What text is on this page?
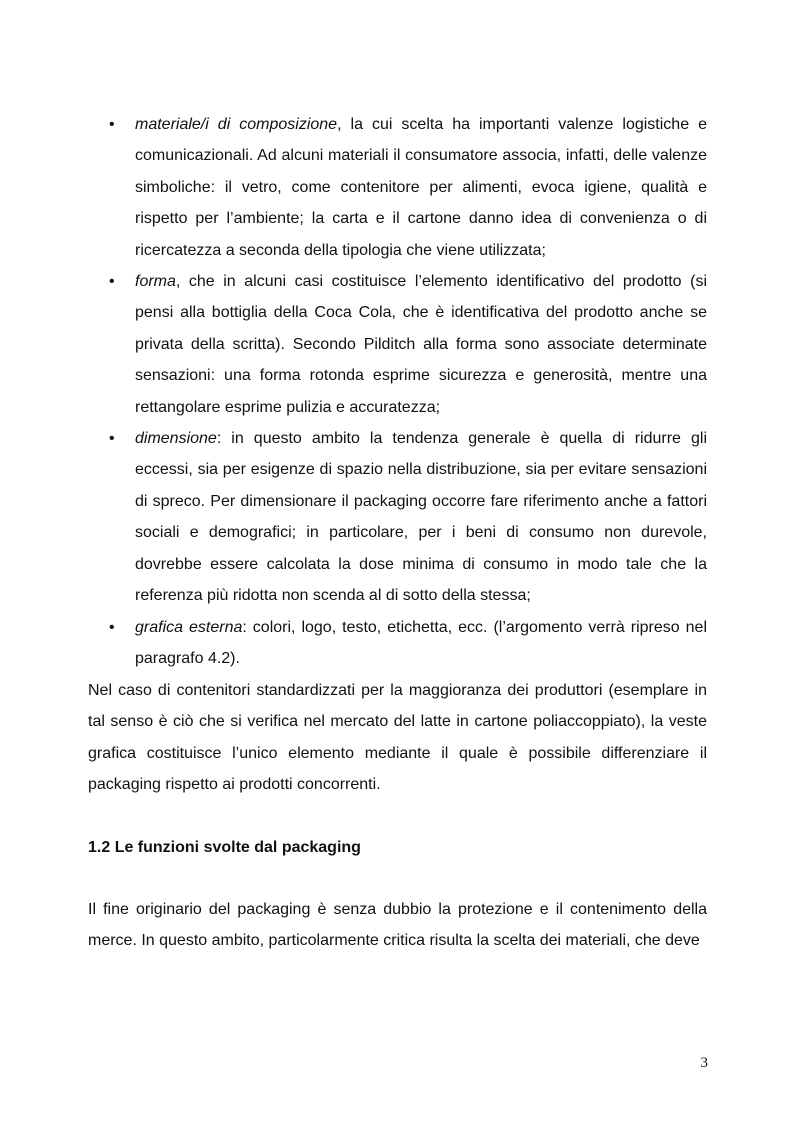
• materiale/i di composizione, la cui scelta ha importanti valenze logistiche e comunicazionali. Ad alcuni materiali il consumatore associa, infatti, delle valenze simboliche: il vetro, come contenitore per alimenti, evoca igiene, qualità e rispetto per l’ambiente; la carta e il cartone danno idea di convenienza o di ricercatezza a seconda della tipologia che viene utilizzata;
• forma, che in alcuni casi costituisce l’elemento identificativo del prodotto (si pensi alla bottiglia della Coca Cola, che è identificativa del prodotto anche se privata della scritta). Secondo Pilditch alla forma sono associate determinate sensazioni: una forma rotonda esprime sicurezza e generosità, mentre una rettangolare esprime pulizia e accuratezza;
• dimensione: in questo ambito la tendenza generale è quella di ridurre gli eccessi, sia per esigenze di spazio nella distribuzione, sia per evitare sensazioni di spreco. Per dimensionare il packaging occorre fare riferimento anche a fattori sociali e demografici; in particolare, per i beni di consumo non durevole, dovrebbe essere calcolata la dose minima di consumo in modo tale che la referenza più ridotta non scenda al di sotto della stessa;
• grafica esterna: colori, logo, testo, etichetta, ecc. (l’argomento verrà ripreso nel paragrafo 4.2).

Nel caso di contenitori standardizzati per la maggioranza dei produttori (esemplare in tal senso è ciò che si verifica nel mercato del latte in cartone poliaccoppiato), la veste grafica costituisce l’unico elemento mediante il quale è possibile differenziare il packaging rispetto ai prodotti concorrenti.

1.2 Le funzioni svolte dal packaging

Il fine originario del packaging è senza dubbio la protezione e il contenimento della merce. In questo ambito, particolarmente critica risulta la scelta dei materiali, che deve

3
